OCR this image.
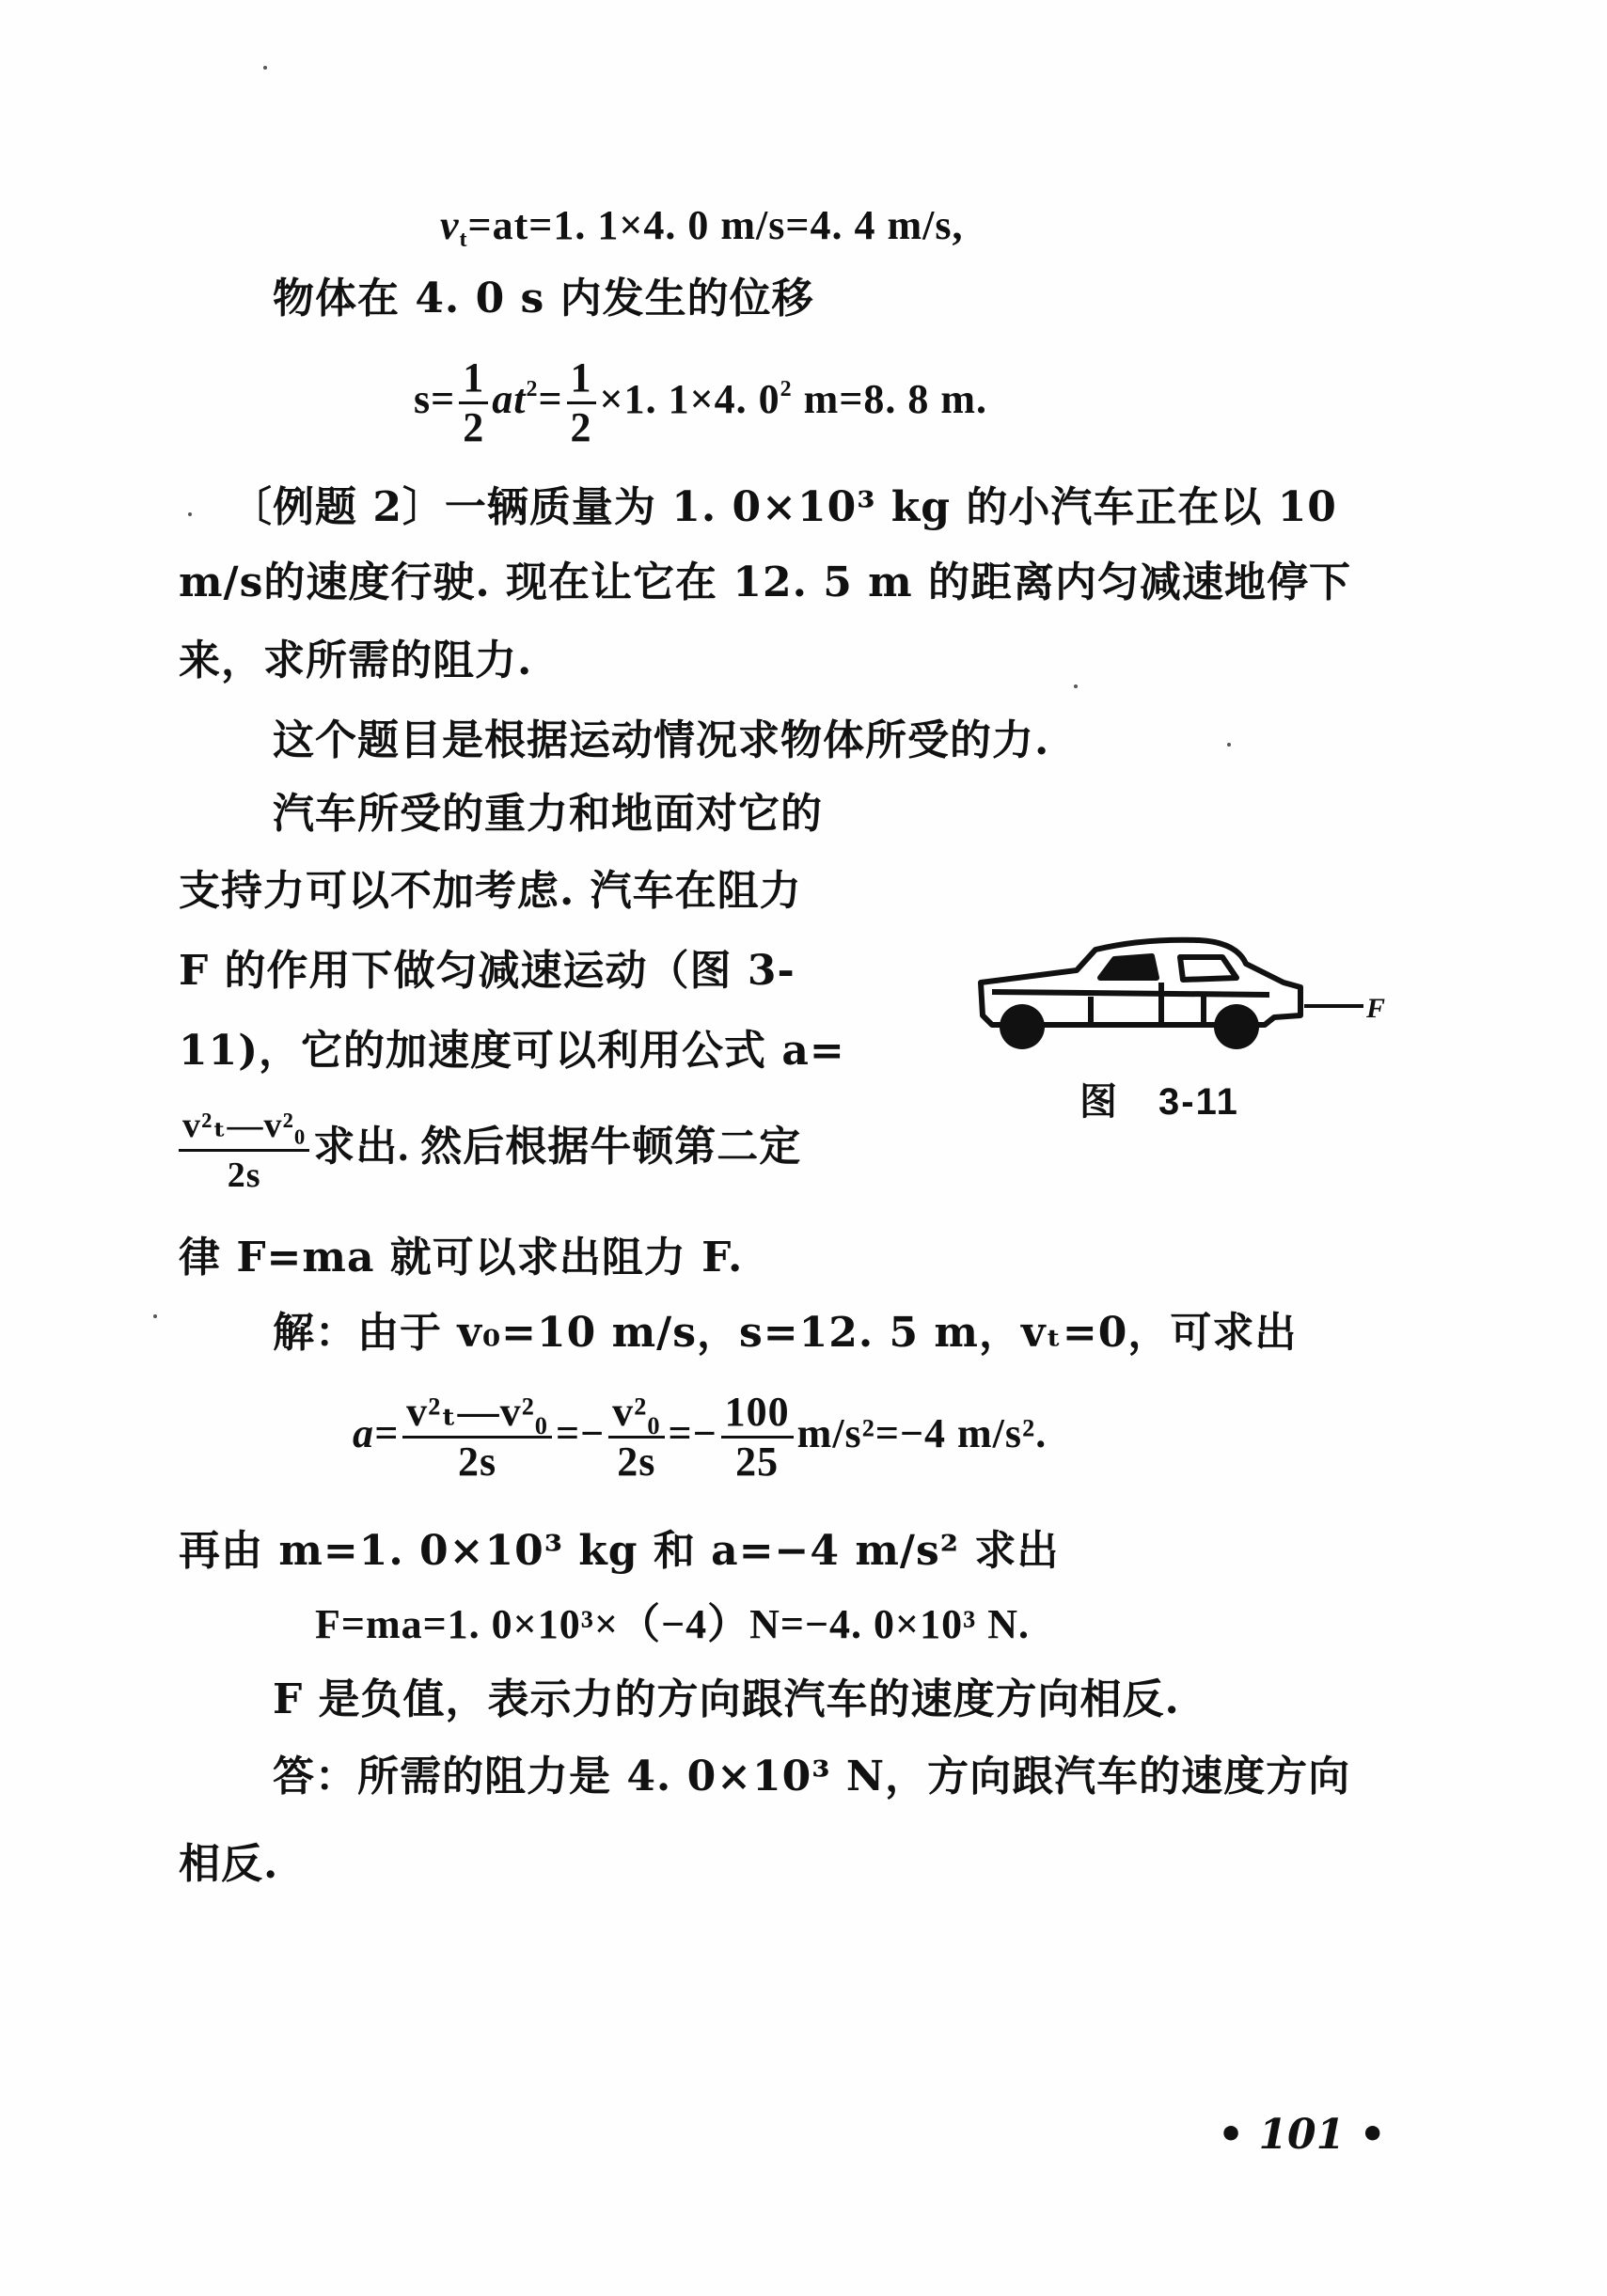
$v_t=at=1$. 1×4. 0 m/s=4. 4 m/s,
物体在 4. 0 s 内发生的位移
$s= \frac{1}{2} at^2= \frac{1}{2} \times 1$. 1×4. $0^2$ m=8. 8 m.
〔例题 2〕一辆质量为 1. 0×10³ kg 的小汽车正在以 10
m/s的速度行驶. 现在让它在 12. 5 m 的距离内匀减速地停下
来，求所需的阻力.
这个题目是根据运动情况求物体所受的力.
汽车所受的重力和地面对它的
支持力可以不加考虑. 汽车在阻力
F 的作用下做匀减速运动（图 3-
11)，它的加速度可以利用公式 a=
$\frac{\text{v²ₜ—v²₀}}{2s}$ 求出. 然后根据牛顿第二定
律 F=ma 就可以求出阻力 F.
F
图　3-11
解：由于 v₀=10 m/s，s=12. 5 m，vₜ=0，可求出
$a= \frac{\text{v²ₜ—v²₀}}{2s} =- \frac{\text{v²₀}}{2s} =- \frac{100}{25} m/s^2=-4$ m/s².
再由 m=1. 0×10³ kg 和 a=−4 m/s² 求出
F=ma=1. 0×10³×（−4）N=−4. 0×10³ N.
F 是负值，表示力的方向跟汽车的速度方向相反.
答：所需的阻力是 4. 0×10³ N，方向跟汽车的速度方向
相反.
• 101 •
